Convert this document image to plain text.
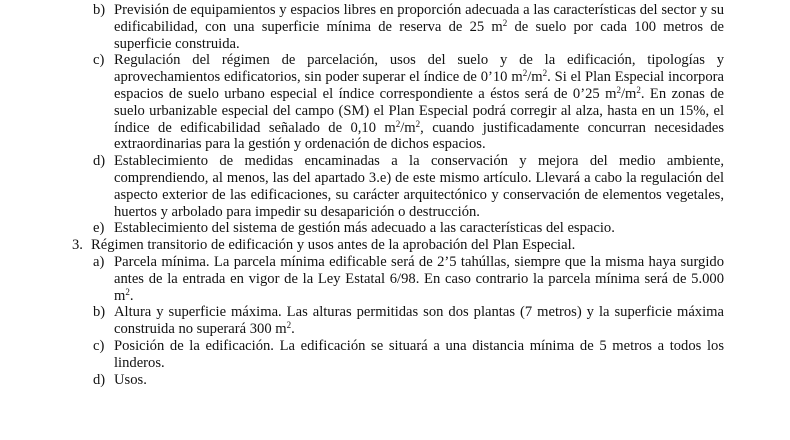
b) Previsión de equipamientos y espacios libres en proporción adecuada a las características del sector y su edificabilidad, con una superficie mínima de reserva de 25 $m^2$ de suelo por cada 100 metros de superficie construida.
c) Regulación del régimen de parcelación, usos del suelo y de la edificación, tipologías y aprovechamientos edificatorios, sin poder superar el índice de 0’10 $m^2/m^2$. Si el Plan Especial incorpora espacios de suelo urbano especial el índice correspondiente a éstos será de 0’25 $m^2/m^2$. En zonas de suelo urbanizable especial del campo (SM) el Plan Especial podrá corregir al alza, hasta en un 15%, el índice de edificabilidad señalado de 0,10 $m^2/m^2$, cuando justificadamente concurran necesidades extraordinarias para la gestión y ordenación de dichos espacios.
d) Establecimiento de medidas encaminadas a la conservación y mejora del medio ambiente, comprendiendo, al menos, las del apartado 3.e) de este mismo artículo. Llevará a cabo la regulación del aspecto exterior de las edificaciones, su carácter arquitectónico y conservación de elementos vegetales, huertos y arbolado para impedir su desaparición o destrucción.
e) Establecimiento del sistema de gestión más adecuado a las características del espacio.
3. Régimen transitorio de edificación y usos antes de la aprobación del Plan Especial.
a) Parcela mínima. La parcela mínima edificable será de 2’5 tahúllas, siempre que la misma haya surgido antes de la entrada en vigor de la Ley Estatal 6/98. En caso contrario la parcela mínima será de 5.000 $m^2$.
b) Altura y superficie máxima. Las alturas permitidas son dos plantas (7 metros) y la superficie máxima construida no superará 300 $m^2$.
c) Posición de la edificación. La edificación se situará a una distancia mínima de 5 metros a todos los linderos.
d) Usos.
